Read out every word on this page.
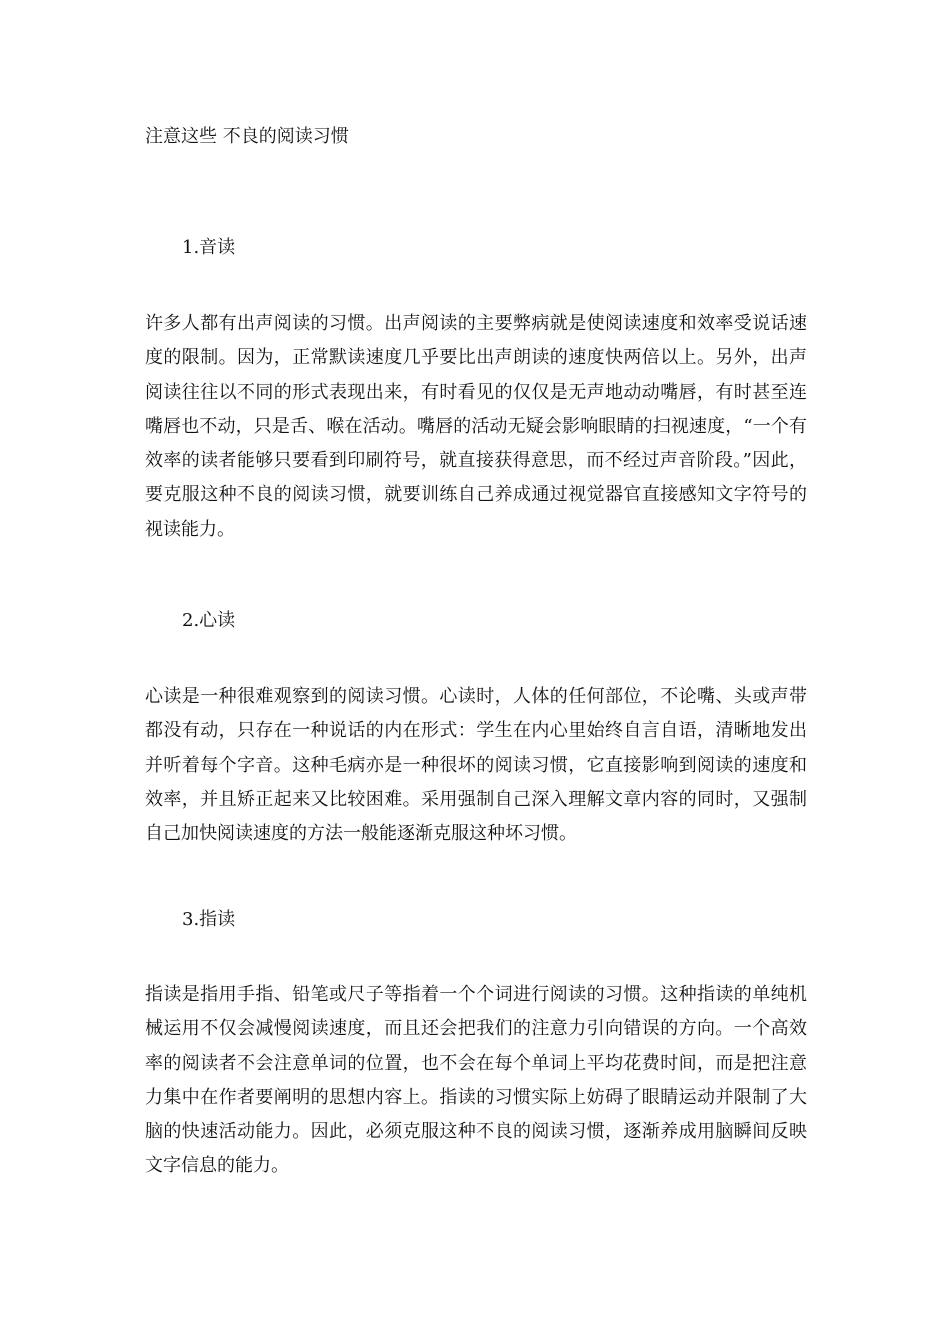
注意这些 不良的阅读习惯
1.音读
许多人都有出声阅读的习惯。出声阅读的主要弊病就是使阅读速度和效率受说话速度的限制。因为，正常默读速度几乎要比出声朗读的速度快两倍以上。另外，出声阅读往往以不同的形式表现出来，有时看见的仅仅是无声地动动嘴唇，有时甚至连嘴唇也不动，只是舌、喉在活动。嘴唇的活动无疑会影响眼睛的扫视速度，“一个有效率的读者能够只要看到印刷符号，就直接获得意思，而不经过声音阶段。”因此，要克服这种不良的阅读习惯，就要训练自己养成通过视觉器官直接感知文字符号的视读能力。
2.心读
心读是一种很难观察到的阅读习惯。心读时，人体的任何部位，不论嘴、头或声带都没有动，只存在一种说话的内在形式：学生在内心里始终自言自语，清晰地发出并听着每个字音。这种毛病亦是一种很坏的阅读习惯，它直接影响到阅读的速度和效率，并且矫正起来又比较困难。采用强制自己深入理解文章内容的同时，又强制自己加快阅读速度的方法一般能逐渐克服这种坏习惯。
3.指读
指读是指用手指、铅笔或尺子等指着一个个词进行阅读的习惯。这种指读的单纯机械运用不仅会减慢阅读速度，而且还会把我们的注意力引向错误的方向。一个高效率的阅读者不会注意单词的位置，也不会在每个单词上平均花费时间，而是把注意力集中在作者要阐明的思想内容上。指读的习惯实际上妨碍了眼睛运动并限制了大脑的快速活动能力。因此，必须克服这种不良的阅读习惯，逐渐养成用脑瞬间反映文字信息的能力。
